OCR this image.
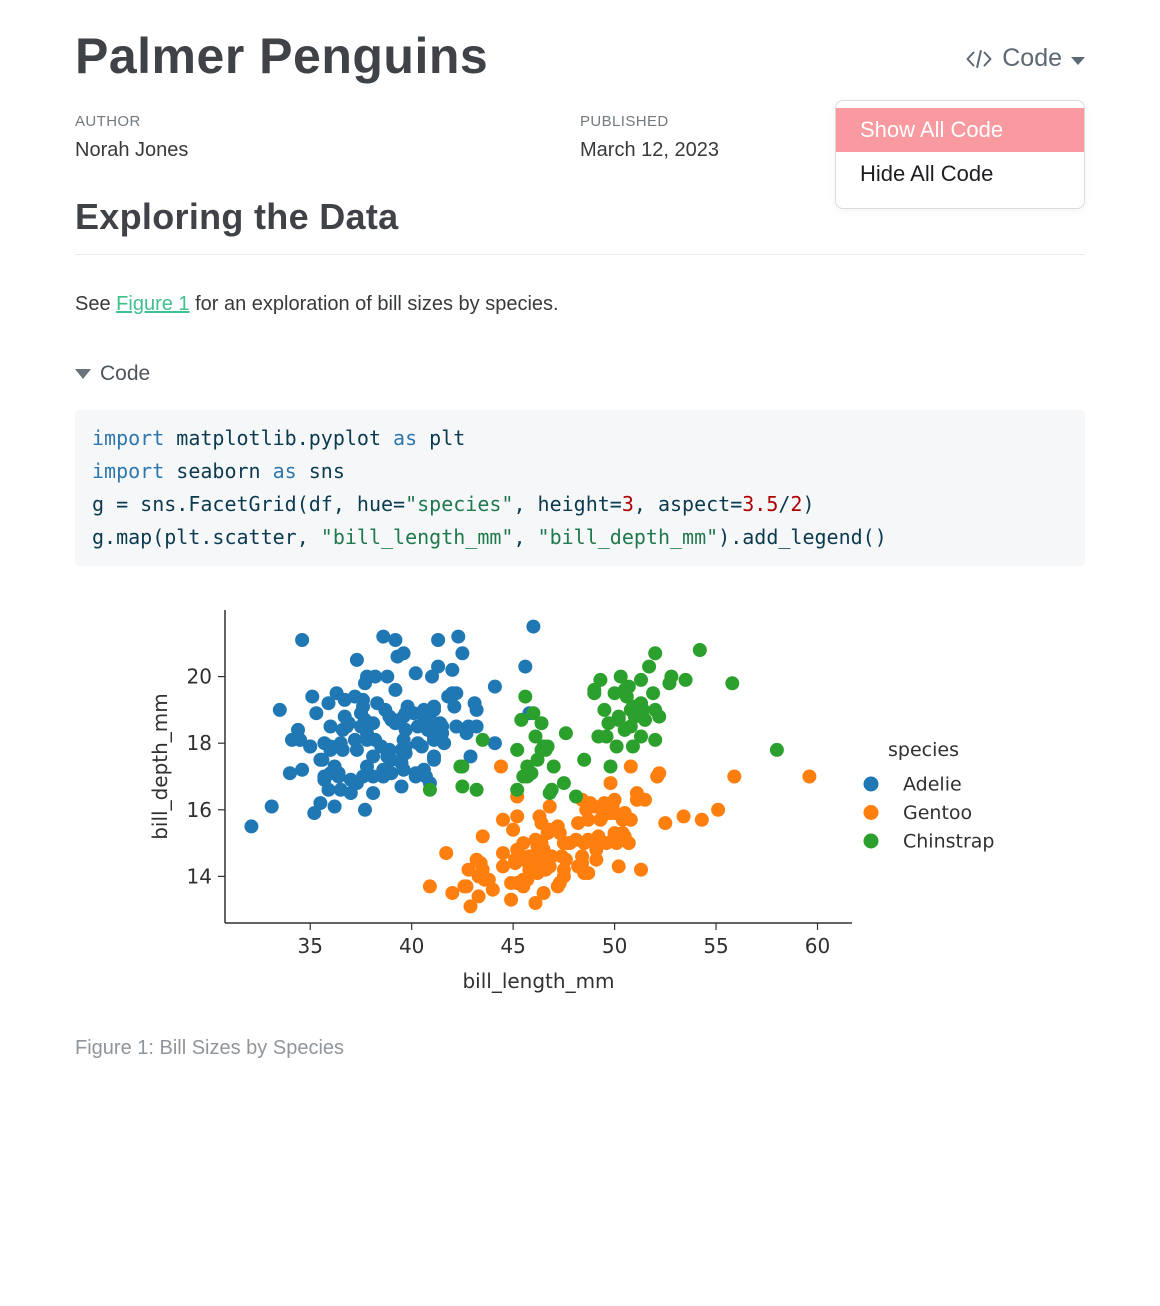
Palmer Penguins	Code
Show All Code
Hide All Code
AUTHOR
Norah Jones
PUBLISHED
March 12, 2023
Exploring the Data

See Figure 1 for an exploration of bill sizes by species.

Code
import matplotlib.pyplot as plt
import seaborn as sns
g = sns.FacetGrid(df, hue="species", height=3, aspect=3.5/2)
g.map(plt.scatter, "bill_length_mm", "bill_depth_mm").add_legend()
35	40	45	50	55	60
14
16
18
20
bill_length_mm
bill_depth_mm	species
Adelie
Gentoo
Chinstrap
Figure 1: Bill Sizes by Species
